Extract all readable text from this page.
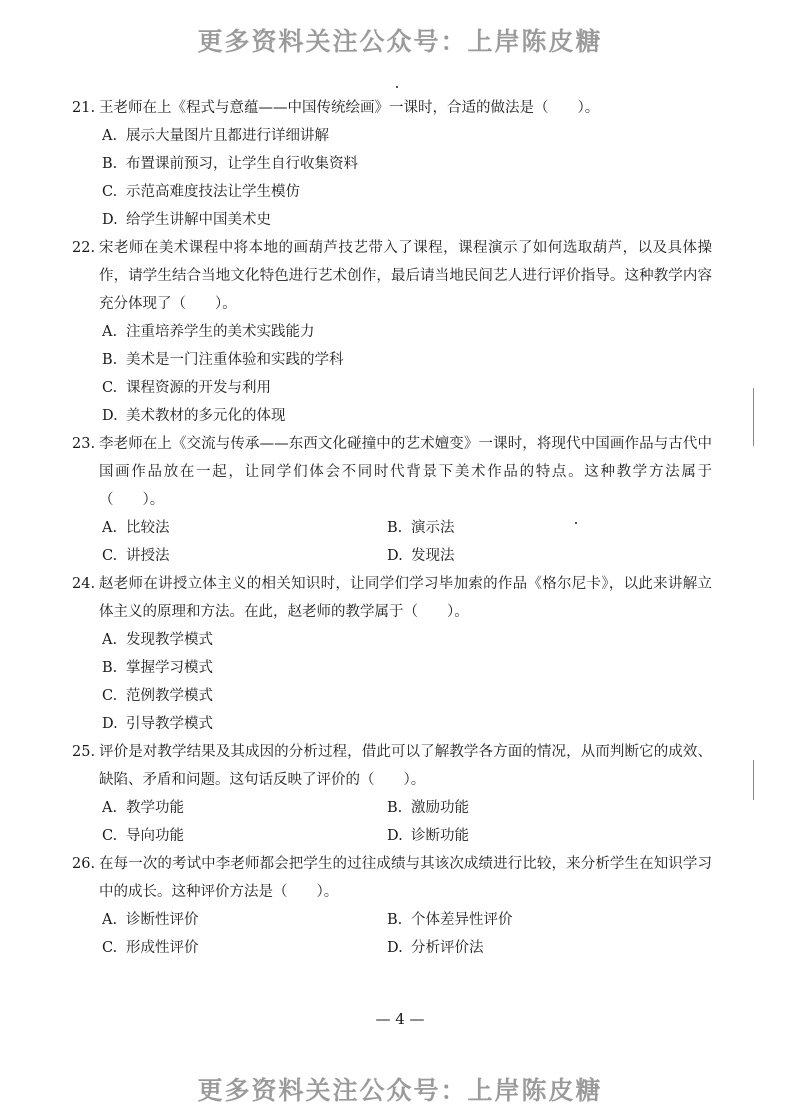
更多资料关注公众号：上岸陈皮糖
21. 王老师在上《程式与意蕴——中国传统绘画》一课时，合适的做法是（　　）。
A. 展示大量图片且都进行详细讲解
B. 布置课前预习，让学生自行收集资料
C. 示范高难度技法让学生模仿
D. 给学生讲解中国美术史
22. 宋老师在美术课程中将本地的画葫芦技艺带入了课程，课程演示了如何选取葫芦，以及具体操作，请学生结合当地文化特色进行艺术创作，最后请当地民间艺人进行评价指导。这种教学内容充分体现了（　　）。
A. 注重培养学生的美术实践能力
B. 美术是一门注重体验和实践的学科
C. 课程资源的开发与利用
D. 美术教材的多元化的体现
23. 李老师在上《交流与传承——东西文化碰撞中的艺术嬗变》一课时，将现代中国画作品与古代中国画作品放在一起，让同学们体会不同时代背景下美术作品的特点。这种教学方法属于（　　）。
A. 比较法	B. 演示法
C. 讲授法	D. 发现法
24. 赵老师在讲授立体主义的相关知识时，让同学们学习毕加索的作品《格尔尼卡》，以此来讲解立体主义的原理和方法。在此，赵老师的教学属于（　　）。
A. 发现教学模式
B. 掌握学习模式
C. 范例教学模式
D. 引导教学模式
25. 评价是对教学结果及其成因的分析过程，借此可以了解教学各方面的情况，从而判断它的成效、缺陷、矛盾和问题。这句话反映了评价的（　　）。
A. 教学功能	B. 激励功能
C. 导向功能	D. 诊断功能
26. 在每一次的考试中李老师都会把学生的过往成绩与其该次成绩进行比较，来分析学生在知识学习中的成长。这种评价方法是（　　）。
A. 诊断性评价	B. 个体差异性评价
C. 形成性评价	D. 分析评价法
— 4 —
更多资料关注公众号：上岸陈皮糖
